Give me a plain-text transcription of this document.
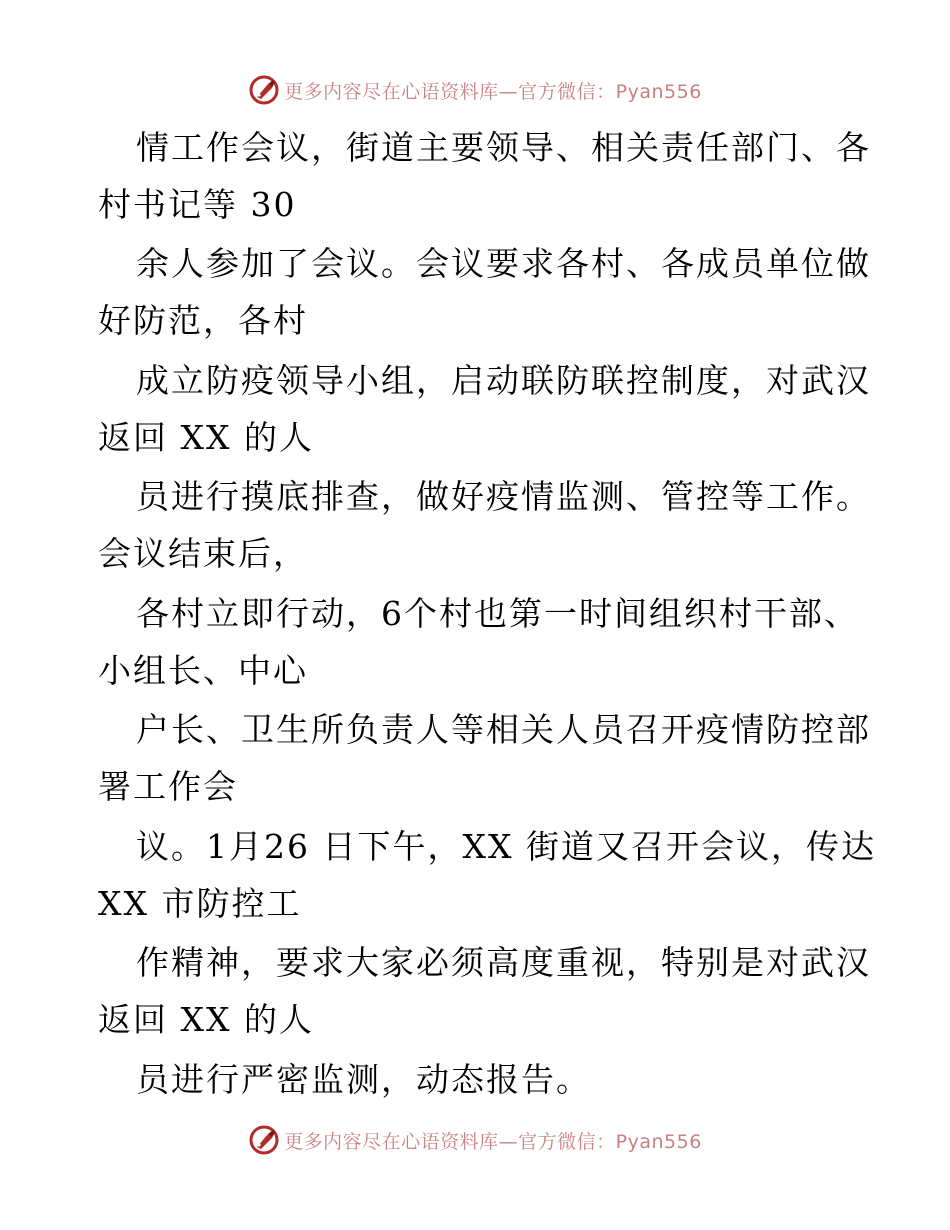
更多内容尽在心语资料库—官方微信：Pyan556
情工作会议，街道主要领导、相关责任部门、各
村书记等 30
余人参加了会议。会议要求各村、各成员单位做
好防范，各村
成立防疫领导小组，启动联防联控制度，对武汉
返回 XX 的人
员进行摸底排查，做好疫情监测、管控等工作。
会议结束后，
各村立即行动，6个村也第一时间组织村干部、
小组长、中心
户长、卫生所负责人等相关人员召开疫情防控部
署工作会
议。1月26 日下午，XX 街道又召开会议，传达
XX 市防控工
作精神，要求大家必须高度重视，特别是对武汉
返回 XX 的人
员进行严密监测，动态报告。
更多内容尽在心语资料库—官方微信：Pyan556
